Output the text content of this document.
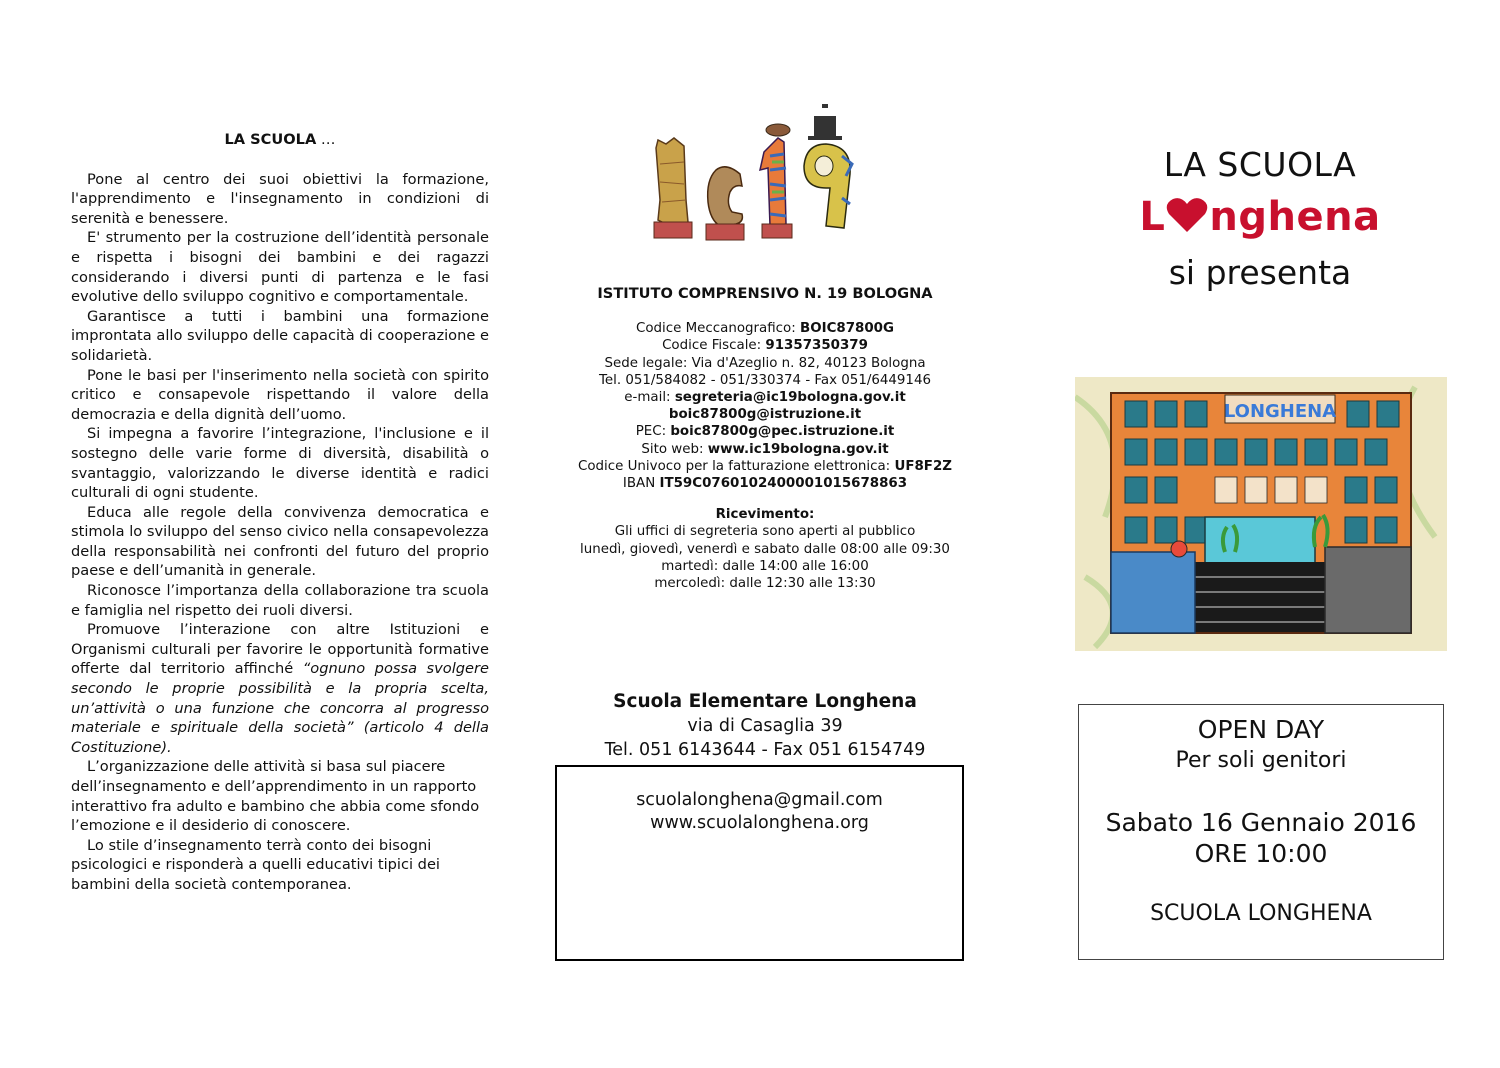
LA SCUOLA …

Pone al centro dei suoi obiettivi la formazione, l'apprendimento e l'insegnamento in condizioni di serenità e benessere.

E' strumento per la costruzione dell’identità personale e rispetta i bisogni dei bambini e dei ragazzi considerando i diversi punti di partenza e le fasi evolutive dello sviluppo cognitivo e comportamentale.

Garantisce a tutti i bambini una formazione improntata allo sviluppo delle capacità di cooperazione e solidarietà.

Pone le basi per l'inserimento nella società con spirito critico e consapevole rispettando il valore della democrazia e della dignità dell’uomo.

Si impegna a favorire l’integrazione, l'inclusione e il sostegno delle varie forme di diversità, disabilità o svantaggio, valorizzando le diverse identità e radici culturali di ogni studente.

Educa alle regole della convivenza democratica e stimola lo sviluppo del senso civico nella consapevolezza della responsabilità nei confronti del futuro del proprio paese e dell’umanità in generale.

Riconosce l’importanza della collaborazione tra scuola e famiglia nel rispetto dei ruoli diversi.

Promuove l’interazione con altre Istituzioni e Organismi culturali per favorire le opportunità formative offerte dal territorio affinché “ognuno possa svolgere secondo le proprie possibilità e la propria scelta, un’attività o una funzione che concorra al progresso materiale e spirituale della società” (articolo 4 della Costituzione).

L’organizzazione delle attività si basa sul piacere dell’insegnamento e dell’apprendimento in un rapporto interattivo fra adulto e bambino che abbia come sfondo l’emozione e il desiderio di conoscere.

Lo stile d’insegnamento terrà conto dei bisogni psicologici e risponderà a quelli educativi tipici dei bambini della società contemporanea.

ISTITUTO COMPRENSIVO N. 19 BOLOGNA
Codice Meccanografico: BOIC87800G
Codice Fiscale: 91357350379
Sede legale: Via d'Azeglio n. 82, 40123 Bologna
Tel. 051/584082 - 051/330374 - Fax 051/6449146
e-mail: segreteria@ic19bologna.gov.it
boic87800g@istruzione.it
PEC: boic87800g@pec.istruzione.it
Sito web: www.ic19bologna.gov.it
Codice Univoco per la fatturazione elettronica: UF8F2Z
IBAN IT59C0760102400001015678863
Ricevimento:
Gli uffici di segreteria sono aperti al pubblico
lunedì, giovedì, venerdì e sabato dalle 08:00 alle 09:30
martedì: dalle 14:00 alle 16:00
mercoledì: dalle 12:30 alle 13:30
Scuola Elementare Longhena
via di Casaglia 39
Tel. 051 6143644 - Fax 051 6154749
scuolalonghena@gmail.com
www.scuolalonghena.org
LA SCUOLA
L nghena
si presenta
LONGHENA
OPEN DAY
Per soli genitori
Sabato 16 Gennaio 2016
ORE 10:00
SCUOLA LONGHENA
